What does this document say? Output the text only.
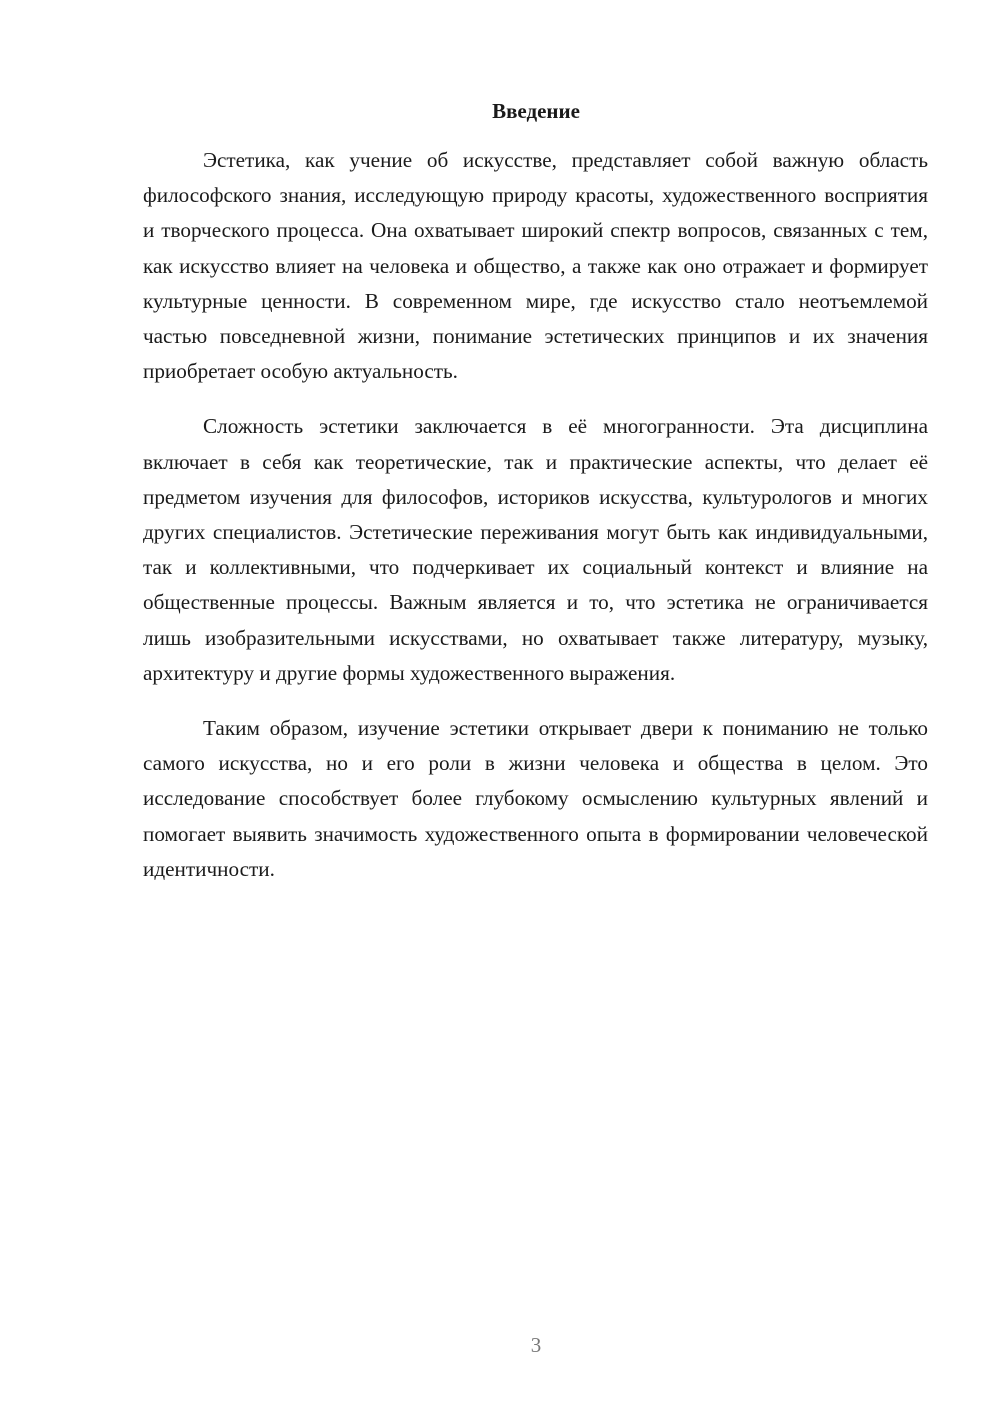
Введение

Эстетика, как учение об искусстве, представляет собой важную область философского знания, исследующую природу красоты, художественного восприятия и творческого процесса. Она охватывает широкий спектр вопросов, связанных с тем, как искусство влияет на человека и общество, а также как оно отражает и формирует культурные ценности. В современном мире, где искусство стало неотъемлемой частью повседневной жизни, понимание эстетических принципов и их значения приобретает особую актуальность.

Сложность эстетики заключается в её многогранности. Эта дисциплина включает в себя как теоретические, так и практические аспекты, что делает её предметом изучения для философов, историков искусства, культурологов и многих других специалистов. Эстетические переживания могут быть как индивидуальными, так и коллективными, что подчеркивает их социальный контекст и влияние на общественные процессы. Важным является и то, что эстетика не ограничивается лишь изобразительными искусствами, но охватывает также литературу, музыку, архитектуру и другие формы художественного выражения.

Таким образом, изучение эстетики открывает двери к пониманию не только самого искусства, но и его роли в жизни человека и общества в целом. Это исследование способствует более глубокому осмыслению культурных явлений и помогает выявить значимость художественного опыта в формировании человеческой идентичности.

3
